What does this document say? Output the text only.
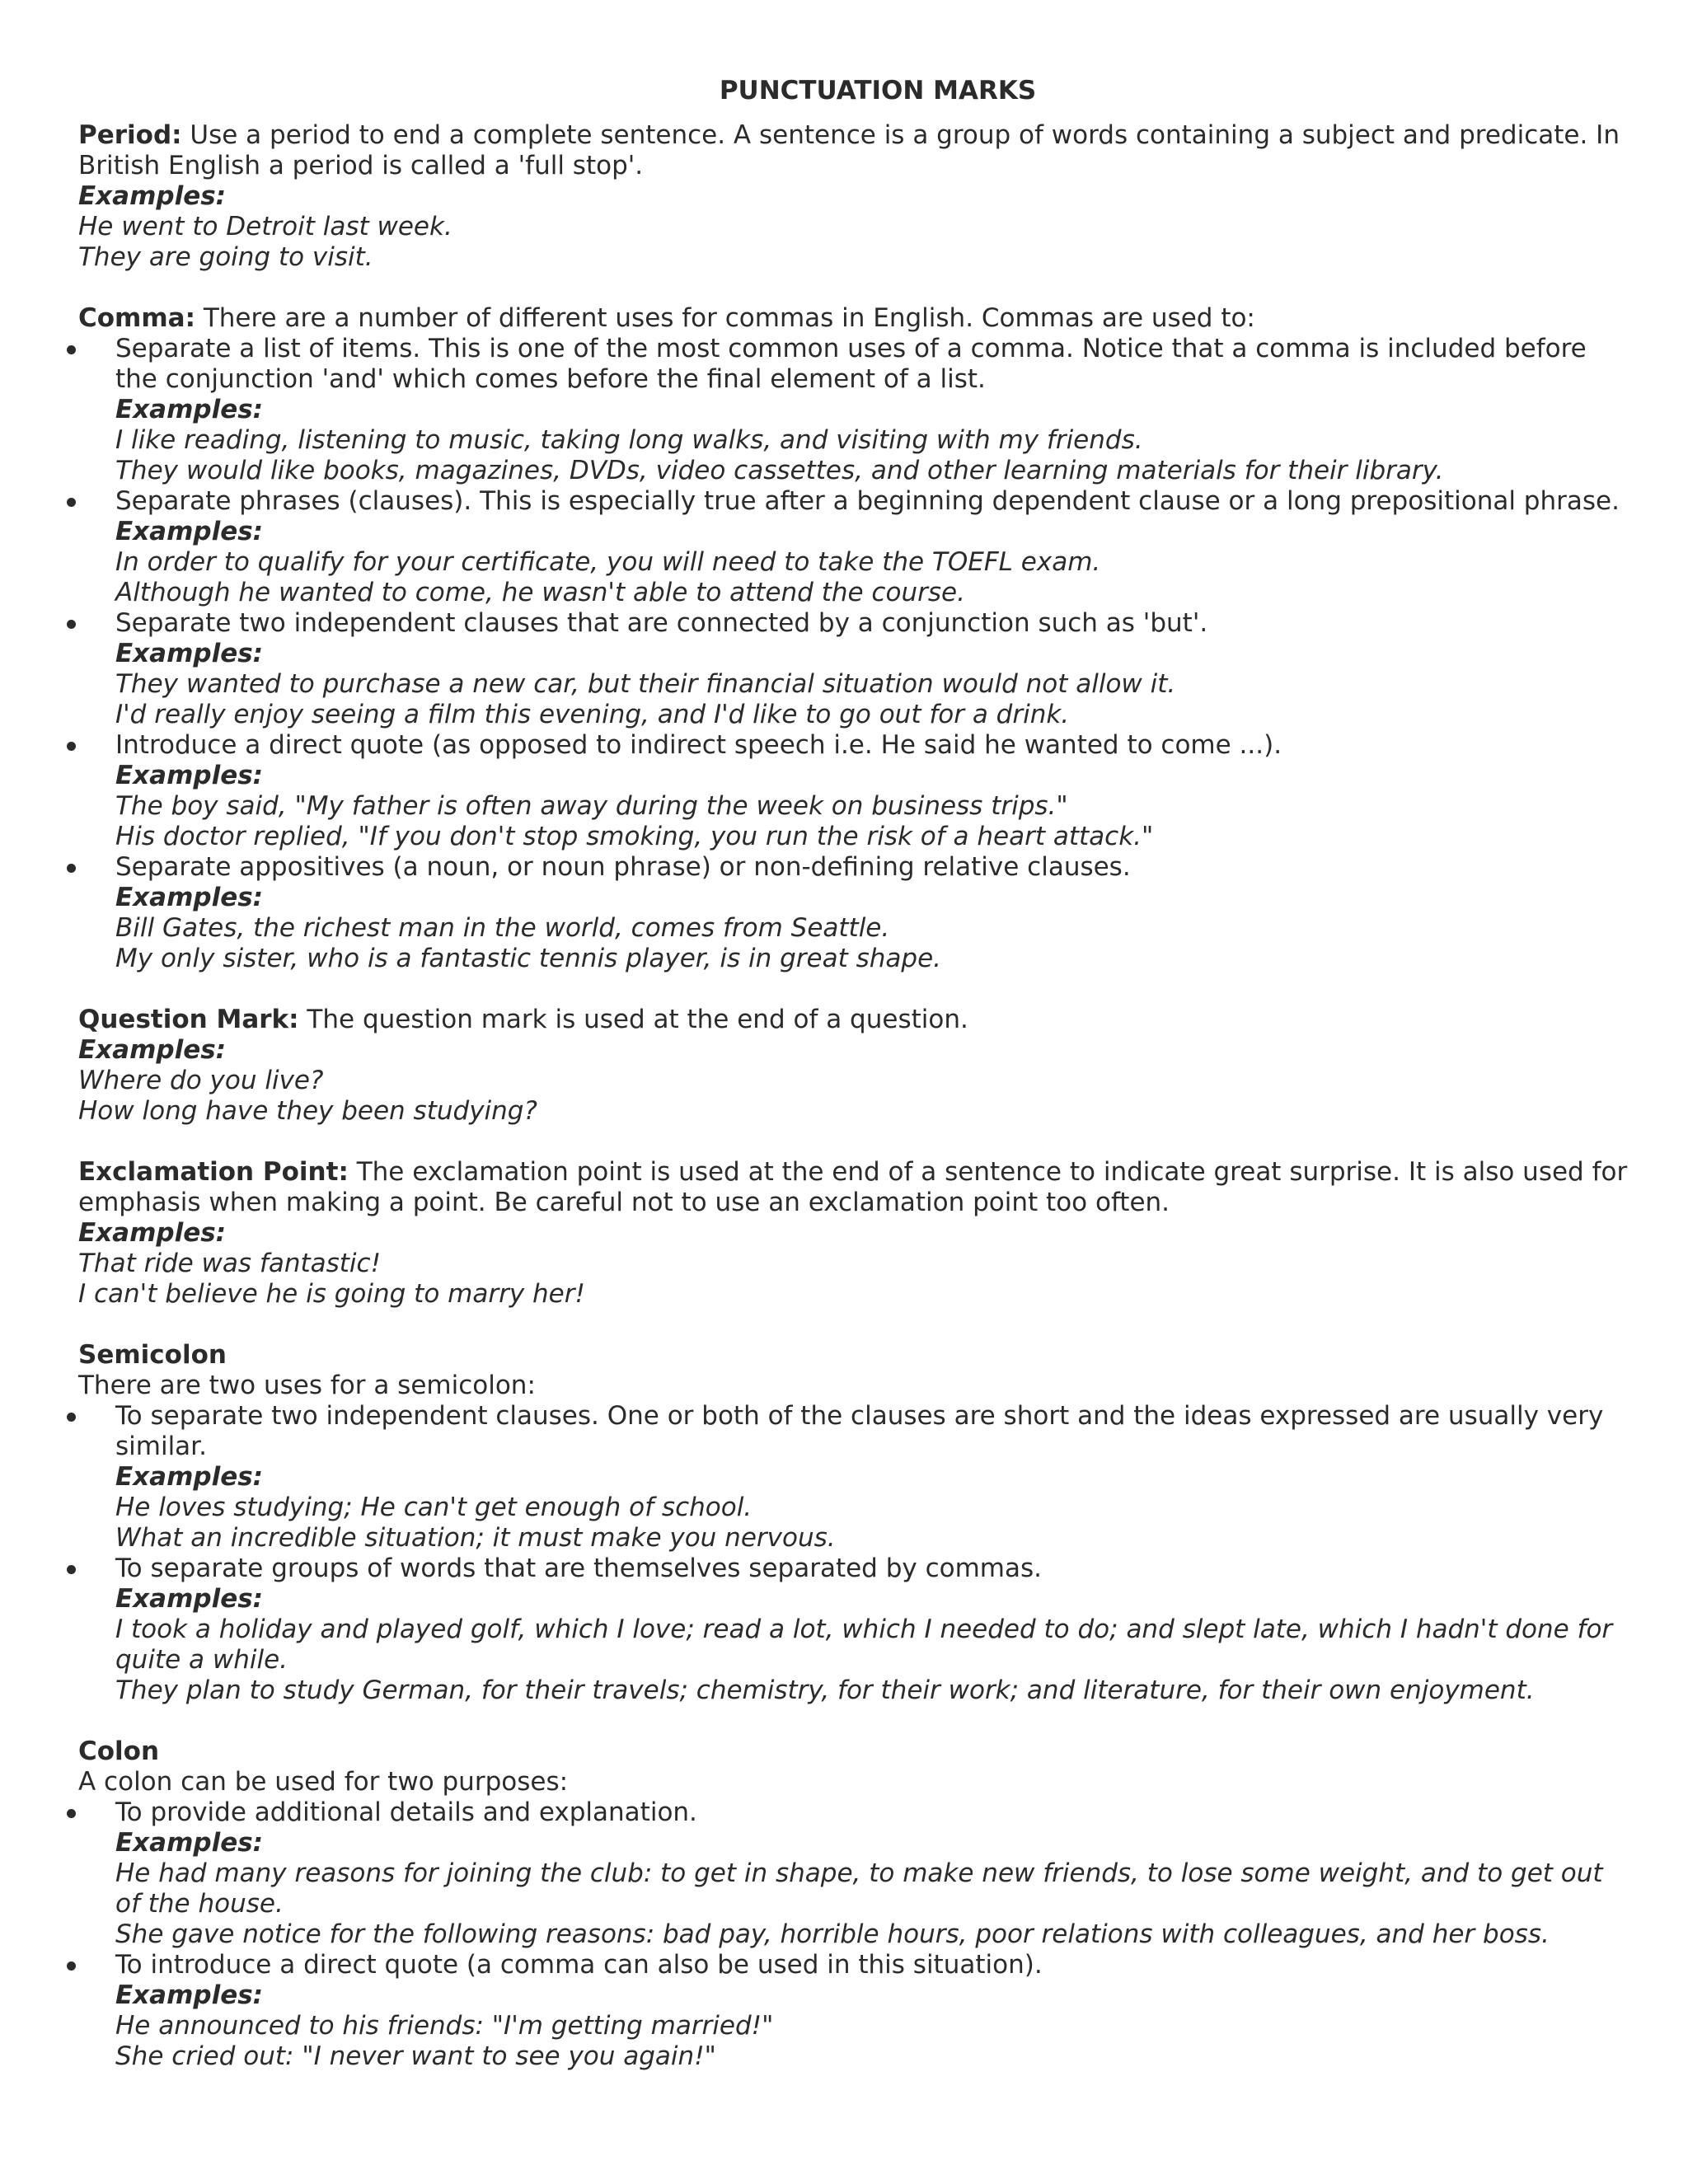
PUNCTUATION MARKS

Period: Use a period to end a complete sentence. A sentence is a group of words containing a subject and predicate. In British English a period is called a 'full stop'.

Examples:
He went to Detroit last week.
They are going to visit.

Comma: There are a number of different uses for commas in English. Commas are used to:

Separate a list of items. This is one of the most common uses of a comma. Notice that a comma is included before the conjunction 'and' which comes before the final element of a list.
Examples:
I like reading, listening to music, taking long walks, and visiting with my friends.
They would like books, magazines, DVDs, video cassettes, and other learning materials for their library.
Separate phrases (clauses). This is especially true after a beginning dependent clause or a long prepositional phrase.
Examples:
In order to qualify for your certificate, you will need to take the TOEFL exam.
Although he wanted to come, he wasn't able to attend the course.
Separate two independent clauses that are connected by a conjunction such as 'but'.
Examples:
They wanted to purchase a new car, but their financial situation would not allow it.
I'd really enjoy seeing a film this evening, and I'd like to go out for a drink.
Introduce a direct quote (as opposed to indirect speech i.e. He said he wanted to come ...).
Examples:
The boy said, "My father is often away during the week on business trips."
His doctor replied, "If you don't stop smoking, you run the risk of a heart attack."
Separate appositives (a noun, or noun phrase) or non-defining relative clauses.
Examples:
Bill Gates, the richest man in the world, comes from Seattle.
My only sister, who is a fantastic tennis player, is in great shape.

Question Mark: The question mark is used at the end of a question.

Examples:
Where do you live?
How long have they been studying?

Exclamation Point: The exclamation point is used at the end of a sentence to indicate great surprise. It is also used for emphasis when making a point. Be careful not to use an exclamation point too often.

Examples:
That ride was fantastic!
I can't believe he is going to marry her!
Semicolon
There are two uses for a semicolon:
To separate two independent clauses. One or both of the clauses are short and the ideas expressed are usually very similar.
Examples:
He loves studying; He can't get enough of school.
What an incredible situation; it must make you nervous.
To separate groups of words that are themselves separated by commas.
Examples:
I took a holiday and played golf, which I love; read a lot, which I needed to do; and slept late, which I hadn't done for quite a while.
They plan to study German, for their travels; chemistry, for their work; and literature, for their own enjoyment.
Colon
A colon can be used for two purposes:
To provide additional details and explanation.
Examples:
He had many reasons for joining the club: to get in shape, to make new friends, to lose some weight, and to get out of the house.
She gave notice for the following reasons: bad pay, horrible hours, poor relations with colleagues, and her boss.
To introduce a direct quote (a comma can also be used in this situation).
Examples:
He announced to his friends: "I'm getting married!"
She cried out: "I never want to see you again!"
